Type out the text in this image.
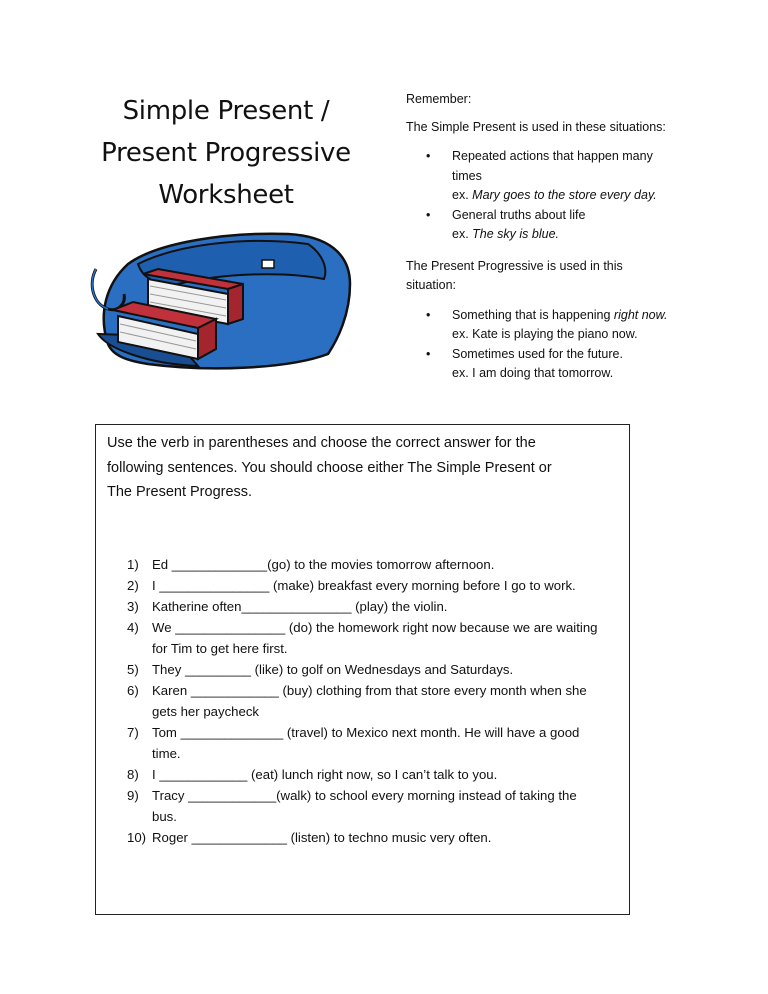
Simple Present /
Present Progressive
Worksheet
Remember:
The Simple Present is used in these situations:
• Repeated actions that happen many
times
ex. Mary goes to the store every day.
• General truths about life
ex. The sky is blue.
The Present Progressive is used in this
situation:
• Something that is happening right now.
ex. Kate is playing the piano now.
• Sometimes used for the future.
ex. I am doing that tomorrow.
Use the verb in parentheses and choose the correct answer for the
following sentences. You should choose either The Simple Present or
The Present Progress.
1)	Ed _____________(go) to the movies tomorrow afternoon.
2)	I _______________ (make) breakfast every morning before I go to work.
3)	Katherine often_______________ (play) the violin.
4)	We _______________ (do) the homework right now because we are waiting
for Tim to get here first.
5)	They _________ (like) to golf on Wednesdays and Saturdays.
6)	Karen ____________ (buy) clothing from that store every month when she
gets her paycheck
7)	Tom ______________ (travel) to Mexico next month. He will have a good
time.
8)	I ____________ (eat) lunch right now, so I can’t talk to you.
9)	Tracy ____________(walk) to school every morning instead of taking the
bus.
10) Roger _____________ (listen) to techno music very often.
